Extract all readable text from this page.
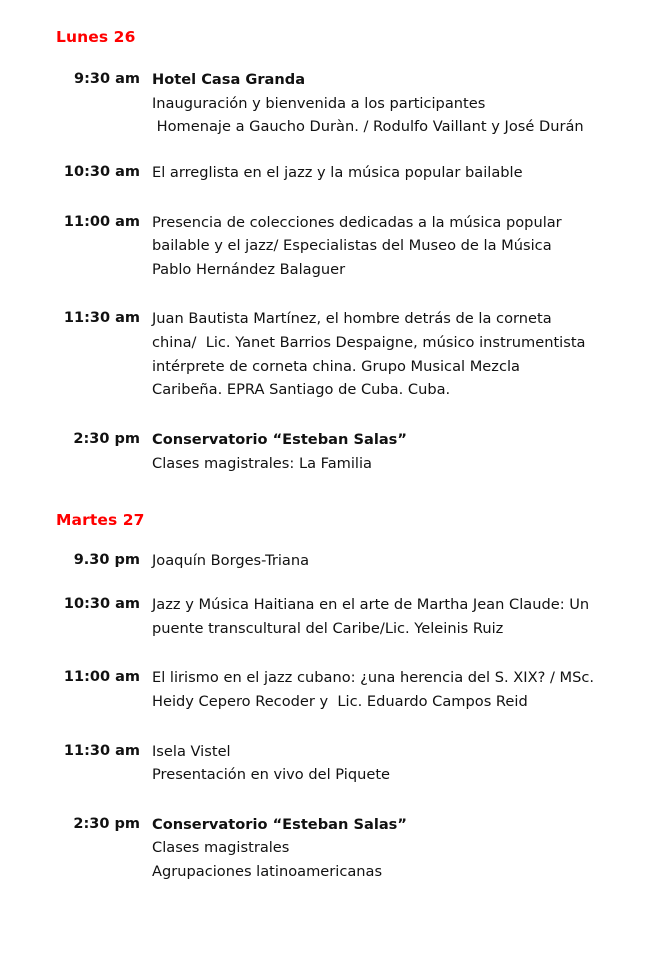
Lunes 26
9:30 am Hotel Casa Granda
Inauguración y bienvenida a los participantes
Homenaje a Gaucho Duràn. / Rodulfo Vaillant y José Durán
10:30 am El arreglista en el jazz y la música popular bailable
11:00 am Presencia de colecciones dedicadas a la música popular
bailable y el jazz/ Especialistas del Museo de la Música
Pablo Hernández Balaguer
11:30 am Juan Bautista Martínez, el hombre detrás de la corneta
china/  Lic. Yanet Barrios Despaigne, músico instrumentista
intérprete de corneta china. Grupo Musical Mezcla
Caribeña. EPRA Santiago de Cuba. Cuba.
2:30 pm Conservatorio “Esteban Salas”
Clases magistrales: La Familia
Martes 27
9.30 pm Joaquín Borges-Triana
10:30 am Jazz y Música Haitiana en el arte de Martha Jean Claude: Un
puente transcultural del Caribe/Lic. Yeleinis Ruiz
11:00 am El lirismo en el jazz cubano: ¿una herencia del S. XIX? / MSc.
Heidy Cepero Recoder y  Lic. Eduardo Campos Reid
11:30 am Isela Vistel
Presentación en vivo del Piquete
2:30 pm Conservatorio “Esteban Salas”
Clases magistrales
Agrupaciones latinoamericanas
